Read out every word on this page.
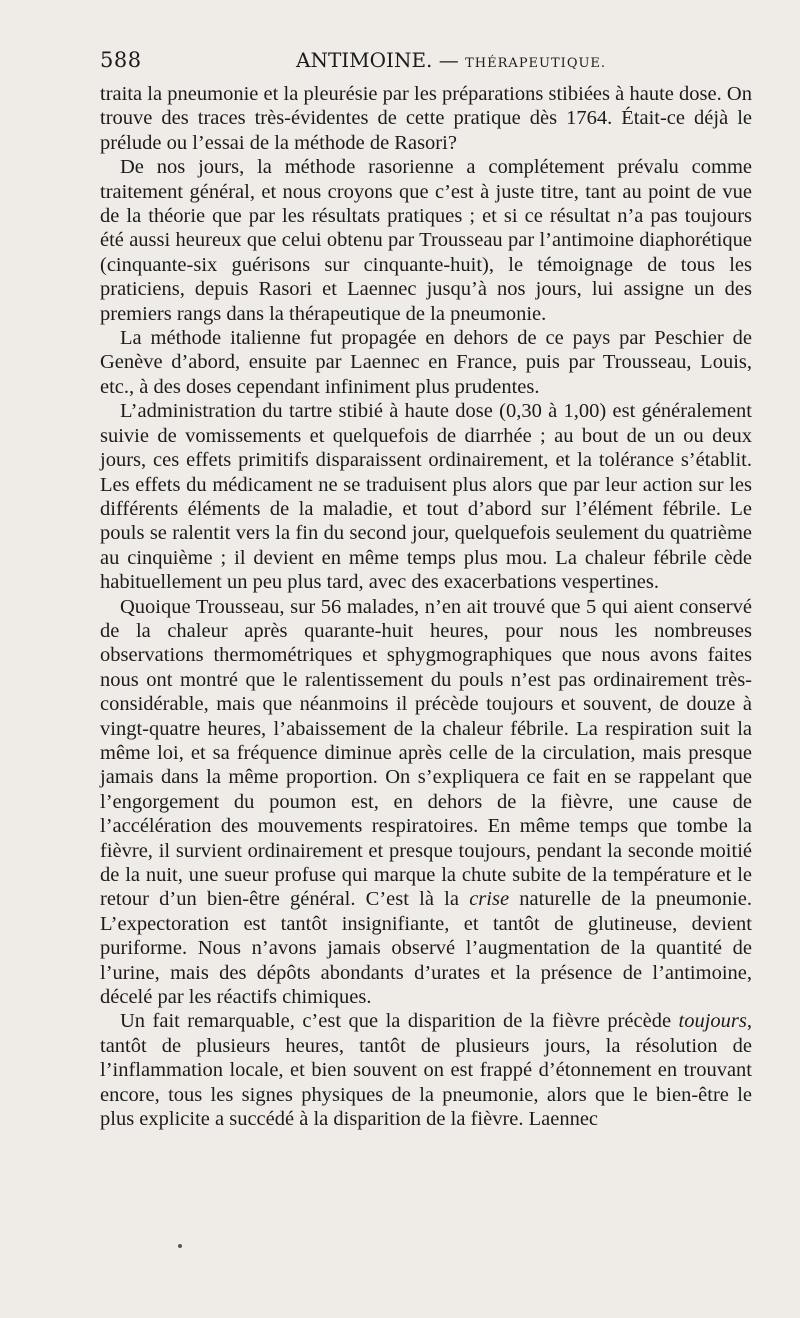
588	ANTIMOINE. — THÉRAPEUTIQUE.

traita la pneumonie et la pleurésie par les préparations stibiées à haute dose. On trouve des traces très-évidentes de cette pratique dès 1764. Était-ce déjà le prélude ou l’essai de la méthode de Rasori?

De nos jours, la méthode rasorienne a complétement prévalu comme traitement général, et nous croyons que c’est à juste titre, tant au point de vue de la théorie que par les résultats pratiques ; et si ce résultat n’a pas toujours été aussi heureux que celui obtenu par Trousseau par l’antimoine diaphorétique (cinquante-six guérisons sur cinquante-huit), le témoignage de tous les praticiens, depuis Rasori et Laennec jusqu’à nos jours, lui assigne un des premiers rangs dans la thérapeutique de la pneumonie.

La méthode italienne fut propagée en dehors de ce pays par Peschier de Genève d’abord, ensuite par Laennec en France, puis par Trousseau, Louis, etc., à des doses cependant infiniment plus prudentes.

L’administration du tartre stibié à haute dose (0,30 à 1,00) est généralement suivie de vomissements et quelquefois de diarrhée ; au bout de un ou deux jours, ces effets primitifs disparaissent ordinairement, et la tolérance s’établit. Les effets du médicament ne se traduisent plus alors que par leur action sur les différents éléments de la maladie, et tout d’abord sur l’élément fébrile. Le pouls se ralentit vers la fin du second jour, quelquefois seulement du quatrième au cinquième ; il devient en même temps plus mou. La chaleur fébrile cède habituellement un peu plus tard, avec des exacerbations vespertines.

Quoique Trousseau, sur 56 malades, n’en ait trouvé que 5 qui aient conservé de la chaleur après quarante-huit heures, pour nous les nombreuses observations thermométriques et sphygmographiques que nous avons faites nous ont montré que le ralentissement du pouls n’est pas ordinairement très-considérable, mais que néanmoins il précède toujours et souvent, de douze à vingt-quatre heures, l’abaissement de la chaleur fébrile. La respiration suit la même loi, et sa fréquence diminue après celle de la circulation, mais presque jamais dans la même proportion. On s’expliquera ce fait en se rappelant que l’engorgement du poumon est, en dehors de la fièvre, une cause de l’accélération des mouvements respiratoires. En même temps que tombe la fièvre, il survient ordinairement et presque toujours, pendant la seconde moitié de la nuit, une sueur profuse qui marque la chute subite de la température et le retour d’un bien-être général. C’est là la crise naturelle de la pneumonie. L’expectoration est tantôt insignifiante, et tantôt de glutineuse, devient puriforme. Nous n’avons jamais observé l’augmentation de la quantité de l’urine, mais des dépôts abondants d’urates et la présence de l’antimoine, décelé par les réactifs chimiques.

Un fait remarquable, c’est que la disparition de la fièvre précède toujours, tantôt de plusieurs heures, tantôt de plusieurs jours, la résolution de l’inflammation locale, et bien souvent on est frappé d’étonnement en trouvant encore, tous les signes physiques de la pneumonie, alors que le bien-être le plus explicite a succédé à la disparition de la fièvre. Laennec
